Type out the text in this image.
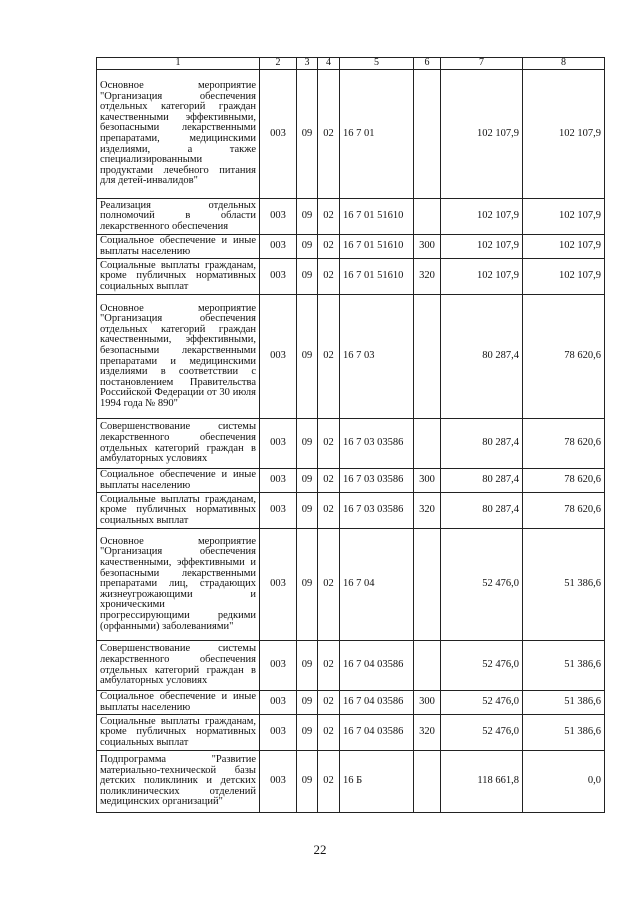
1	2	3	4	5	6	7	8
Основное мероприятие "Организация обеспечения отдельных категорий граждан качественными эффективными, безопасными лекарственными препаратами, медицинскими изделиями, а также специализированными продуктами лечебного питания для детей-инвалидов"	003	09	02	16 7 01		102 107,9	102 107,9
Реализация отдельных полномочий в области лекарственного обеспечения	003	09	02	16 7 01 51610		102 107,9	102 107,9
Социальное обеспечение и иные выплаты населению	003	09	02	16 7 01 51610	300	102 107,9	102 107,9
Социальные выплаты гражданам, кроме публичных нормативных социальных выплат	003	09	02	16 7 01 51610	320	102 107,9	102 107,9
Основное мероприятие "Организация обеспечения отдельных категорий граждан качественными, эффективными, безопасными лекарственными препаратами и медицинскими изделиями в соответствии с постановлением Правительства Российской Федерации от 30 июля 1994 года № 890"	003	09	02	16 7 03		80 287,4	78 620,6
Совершенствование системы лекарственного обеспечения отдельных категорий граждан в амбулаторных условиях	003	09	02	16 7 03 03586		80 287,4	78 620,6
Социальное обеспечение и иные выплаты населению	003	09	02	16 7 03 03586	300	80 287,4	78 620,6
Социальные выплаты гражданам, кроме публичных нормативных социальных выплат	003	09	02	16 7 03 03586	320	80 287,4	78 620,6
Основное мероприятие "Организация обеспечения качественными, эффективными и безопасными лекарственными препаратами лиц, страдающих жизнеугрожающими и хроническими прогрессирующими редкими (орфанными) заболеваниями"	003	09	02	16 7 04		52 476,0	51 386,6
Совершенствование системы лекарственного обеспечения отдельных категорий граждан в амбулаторных условиях	003	09	02	16 7 04 03586		52 476,0	51 386,6
Социальное обеспечение и иные выплаты населению	003	09	02	16 7 04 03586	300	52 476,0	51 386,6
Социальные выплаты гражданам, кроме публичных нормативных социальных выплат	003	09	02	16 7 04 03586	320	52 476,0	51 386,6
Подпрограмма "Развитие материально-технической базы детских поликлиник и детских поликлинических отделений медицинских организаций"	003	09	02	16 Б		118 661,8	0,0
22
